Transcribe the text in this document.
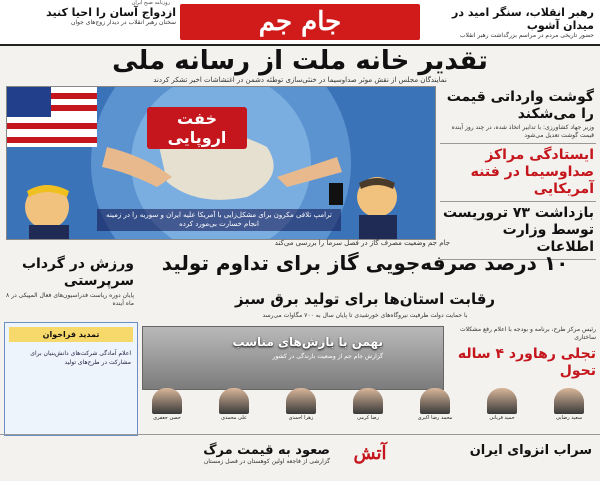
رهبر انقلاب، سنگر امید در میدان آشوب
حضور تاریخی مردم در مراسم بزرگداشت رهبر انقلاب
جام جم
روزنامه صبح ایران
ازدواج آسان را احیا کنید
سخنان رهبر انقلاب در دیدار زوج‌های جوان
تقدیر خانه ملت از رسانه ملی
نمایندگان مجلس از نقش موثر صداوسیما در خنثی‌سازی توطئه دشمن در اغتشاشات اخیر تشکر کردند
خفت اروپایی
ترامپ تلافی مکرون برای مشکل‌زایی با آمریکا علیه ایران و سوریه را در زمینه انجام خسارت بی‌مورد کرده
گوشت وارداتی قیمت را می‌شکند

وزیر جهاد کشاورزی: با تدابیر اتخاذ شده، در چند روز آینده قیمت گوشت تعدیل می‌شود

ایستادگی مراکز صداوسیما در فتنه آمریکایی
بازداشت ۷۳ تروریست توسط وزارت اطلاعات
جام جم وضعیت مصرف گاز در فصل سرما را بررسی می‌کند
۱۰ درصد صرفه‌جویی گاز برای تداوم تولید
رقابت استان‌ها برای تولید برق سبز
با حمایت دولت ظرفیت نیروگاه‌های خورشیدی تا پایان سال به ۷۰۰ مگاوات می‌رسد
ورزش در گرداب سرپرستی

پایان دوره ریاست فدراسیون‌های فعال المپیکی در ۸ ماه آینده

تمدید فراخوان
اعلام آمادگی شرکت‌های دانش‌بنیان برای مشارکت در طرح‌های تولید
بهمن با بارش‌های مناسب
گزارش جام جم از وضعیت بارندگی در کشور
سعید رضایی
حمید قربانی
محمد رضا اکبری
رضا کرمی
زهرا احمدی
علی محمدی
حسن جعفری

رئیس مرکز طرح، برنامه و بودجه با اعلام رفع مشکلات ساختاری

تجلی رهاورد ۴ ساله تحول
سراب انزوای ایران
آتش
صعود به قیمت مرگ
گزارشی از فاجعه اولین کوهستان در فصل زمستان
